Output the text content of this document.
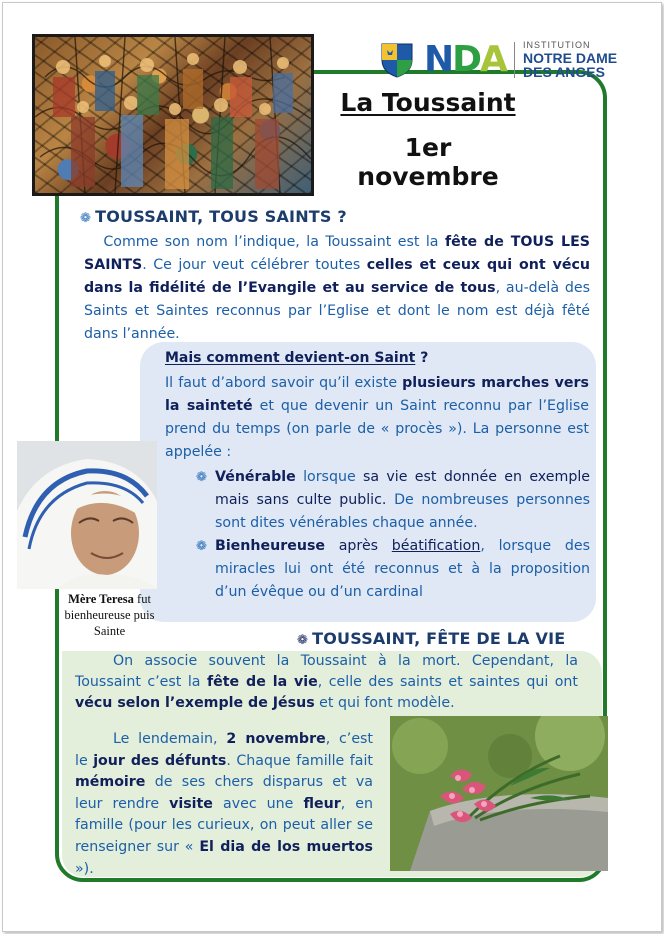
NDA INSTITUTION
NOTRE DAME
DES ANGES
La Toussaint
1er novembre
❁ TOUSSAINT, TOUS SAINTS ?
Comme son nom l’indique, la Toussaint est la fête de TOUS LES SAINTS. Ce jour veut célébrer toutes celles et ceux qui ont vécu dans la fidélité de l’Evangile et au service de tous, au-delà des Saints et Saintes reconnus par l’Eglise et dont le nom est déjà fêté dans l’année.
Mais comment devient-on Saint ?
Il faut d’abord savoir qu’il existe plusieurs marches vers la sainteté et que devenir un Saint reconnu par l’Eglise prend du temps (on parle de « procès »). La personne est appelée :
❁ Vénérable lorsque sa vie est donnée en exemple mais sans culte public. De nombreuses personnes sont dites vénérables chaque année.
❁ Bienheureuse après béatification, lorsque des miracles lui ont été reconnus et à la proposition d’un évêque ou d’un cardinal
Mère Teresa fut bienheureuse puis Sainte
❁ TOUSSAINT, FÊTE DE LA VIE
On associe souvent la Toussaint à la mort. Cependant, la Toussaint c’est la fête de la vie, celle des saints et saintes qui ont vécu selon l’exemple de Jésus et qui font modèle.
Le lendemain, 2 novembre, c’est le jour des défunts. Chaque famille fait mémoire de ses chers disparus et va leur rendre visite avec une fleur, en famille (pour les curieux, on peut aller se renseigner sur « El dia de los muertos »).
